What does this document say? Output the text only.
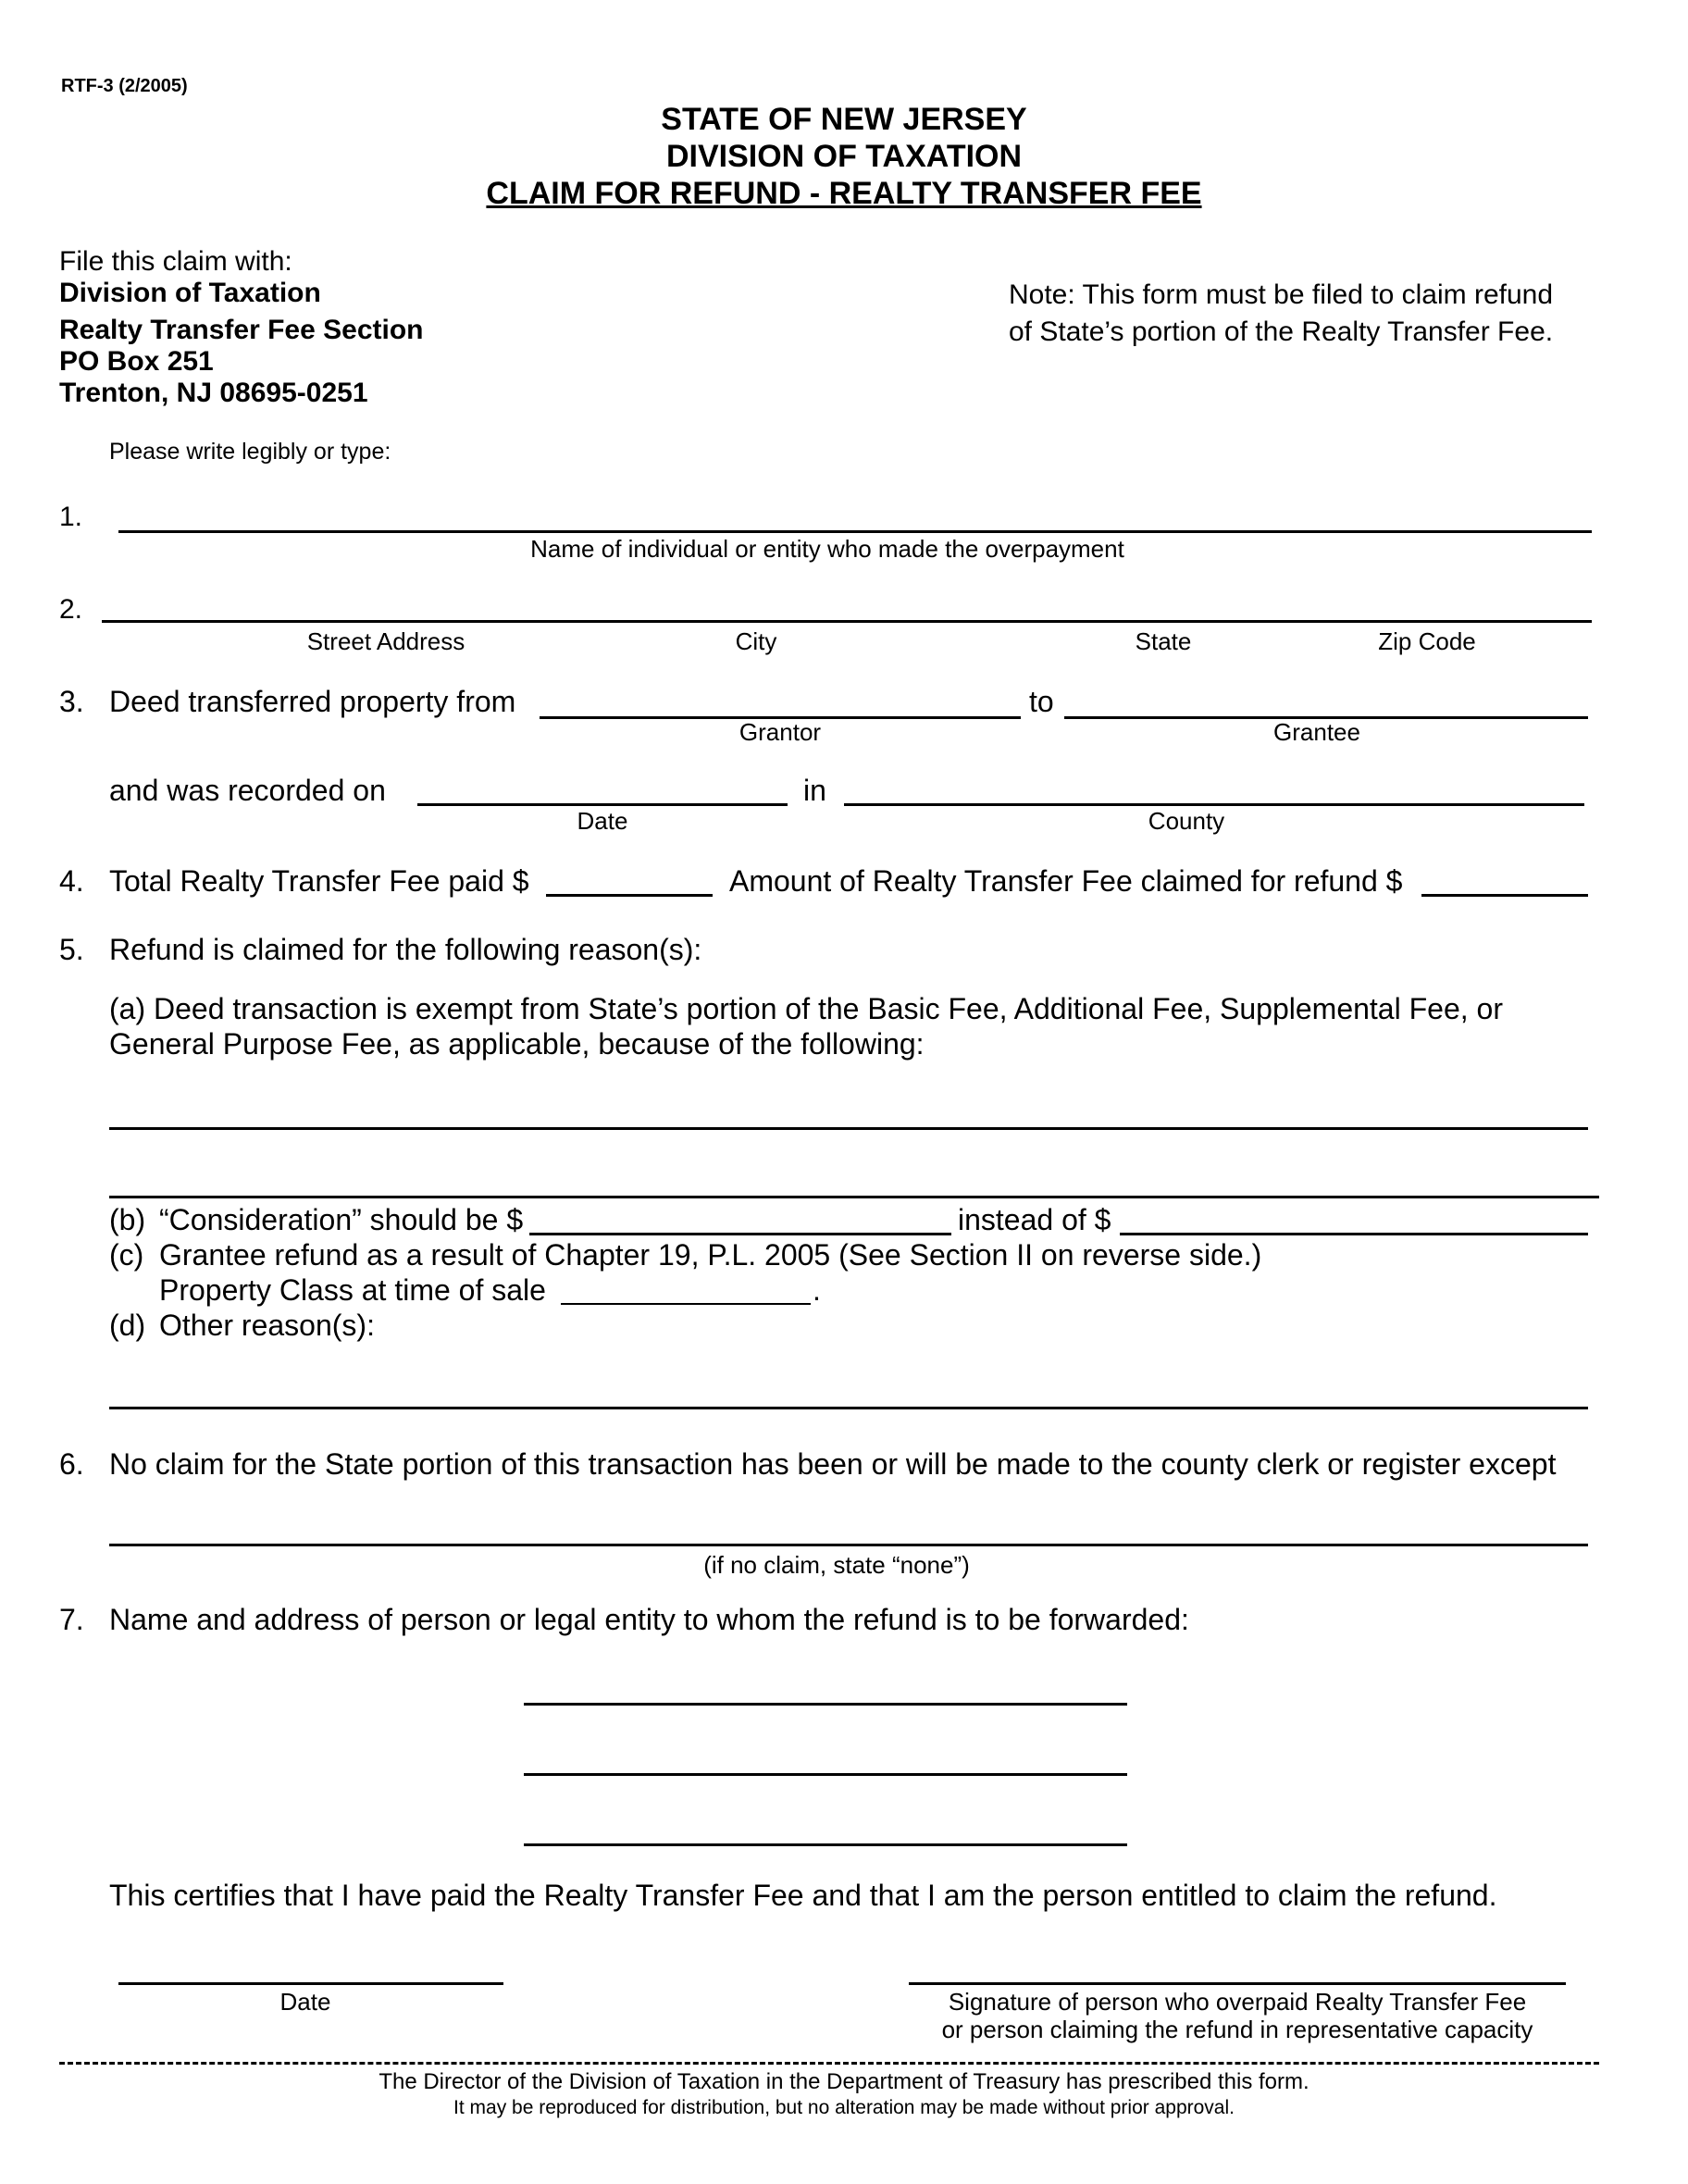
RTF-3 (2/2005)
STATE OF NEW JERSEY
DIVISION OF TAXATION
CLAIM FOR REFUND - REALTY TRANSFER FEE
File this claim with:
Division of Taxation
Realty Transfer Fee Section
PO Box 251
Trenton, NJ 08695-0251
Note: This form must be filed to claim refund
of State’s portion of the Realty Transfer Fee.
Please write legibly or type:
1.
Name of individual or entity who made the overpayment
2.
Street Address	City	State	Zip Code
3. Deed transferred property from	to
Grantor	Grantee
and was recorded on	in
Date	County
4. Total Realty Transfer Fee paid $	Amount of Realty Transfer Fee claimed for refund $
5. Refund is claimed for the following reason(s):
(a) Deed transaction is exempt from State’s portion of the Basic Fee, Additional Fee, Supplemental Fee, or
General Purpose Fee, as applicable, because of the following:
(b) “Consideration” should be $	instead of $
(c) Grantee refund as a result of Chapter 19, P.L. 2005 (See Section II on reverse side.)
Property Class at time of sale	.
(d) Other reason(s):
6. No claim for the State portion of this transaction has been or will be made to the county clerk or register except
(if no claim, state “none”)
7. Name and address of person or legal entity to whom the refund is to be forwarded:
This certifies that I have paid the Realty Transfer Fee and that I am the person entitled to claim the refund.
Date	Signature of person who overpaid Realty Transfer Fee
or person claiming the refund in representative capacity
The Director of the Division of Taxation in the Department of Treasury has prescribed this form.
It may be reproduced for distribution, but no alteration may be made without prior approval.
